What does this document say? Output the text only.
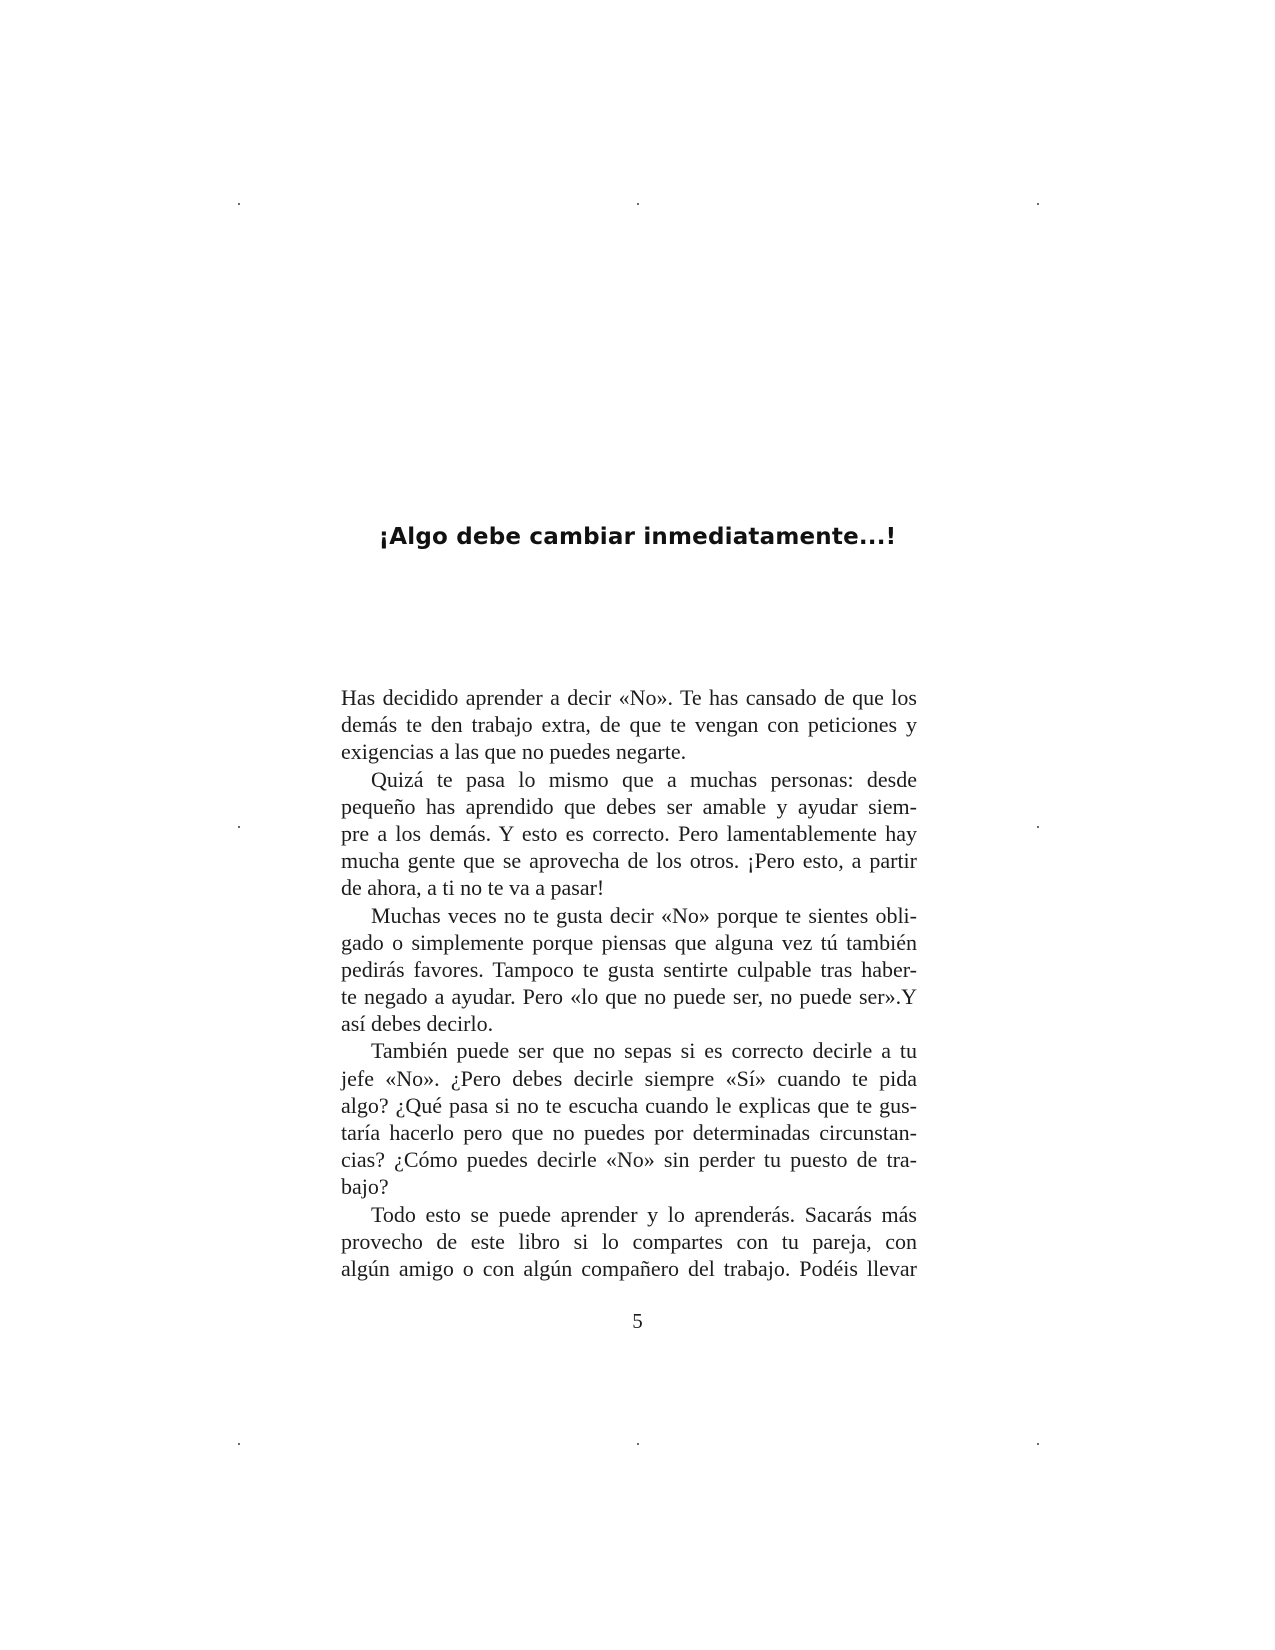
¡Algo debe cambiar inmediatamente...!
Has decidido aprender a decir «No». Te has cansado de que los
demás te den trabajo extra, de que te vengan con peticiones y
exigencias a las que no puedes negarte.
Quizá te pasa lo mismo que a muchas personas: desde
pequeño has aprendido que debes ser amable y ayudar siem-
pre a los demás. Y esto es correcto. Pero lamentablemente hay
mucha gente que se aprovecha de los otros. ¡Pero esto, a partir
de ahora, a ti no te va a pasar!
Muchas veces no te gusta decir «No» porque te sientes obli-
gado o simplemente porque piensas que alguna vez tú también
pedirás favores. Tampoco te gusta sentirte culpable tras haber-
te negado a ayudar. Pero «lo que no puede ser, no puede ser».Y
así debes decirlo.
También puede ser que no sepas si es correcto decirle a tu
jefe «No». ¿Pero debes decirle siempre «Sí» cuando te pida
algo? ¿Qué pasa si no te escucha cuando le explicas que te gus-
taría hacerlo pero que no puedes por determinadas circunstan-
cias? ¿Cómo puedes decirle «No» sin perder tu puesto de tra-
bajo?
Todo esto se puede aprender y lo aprenderás. Sacarás más
provecho de este libro si lo compartes con tu pareja, con
algún amigo o con algún compañero del trabajo. Podéis llevar
5
